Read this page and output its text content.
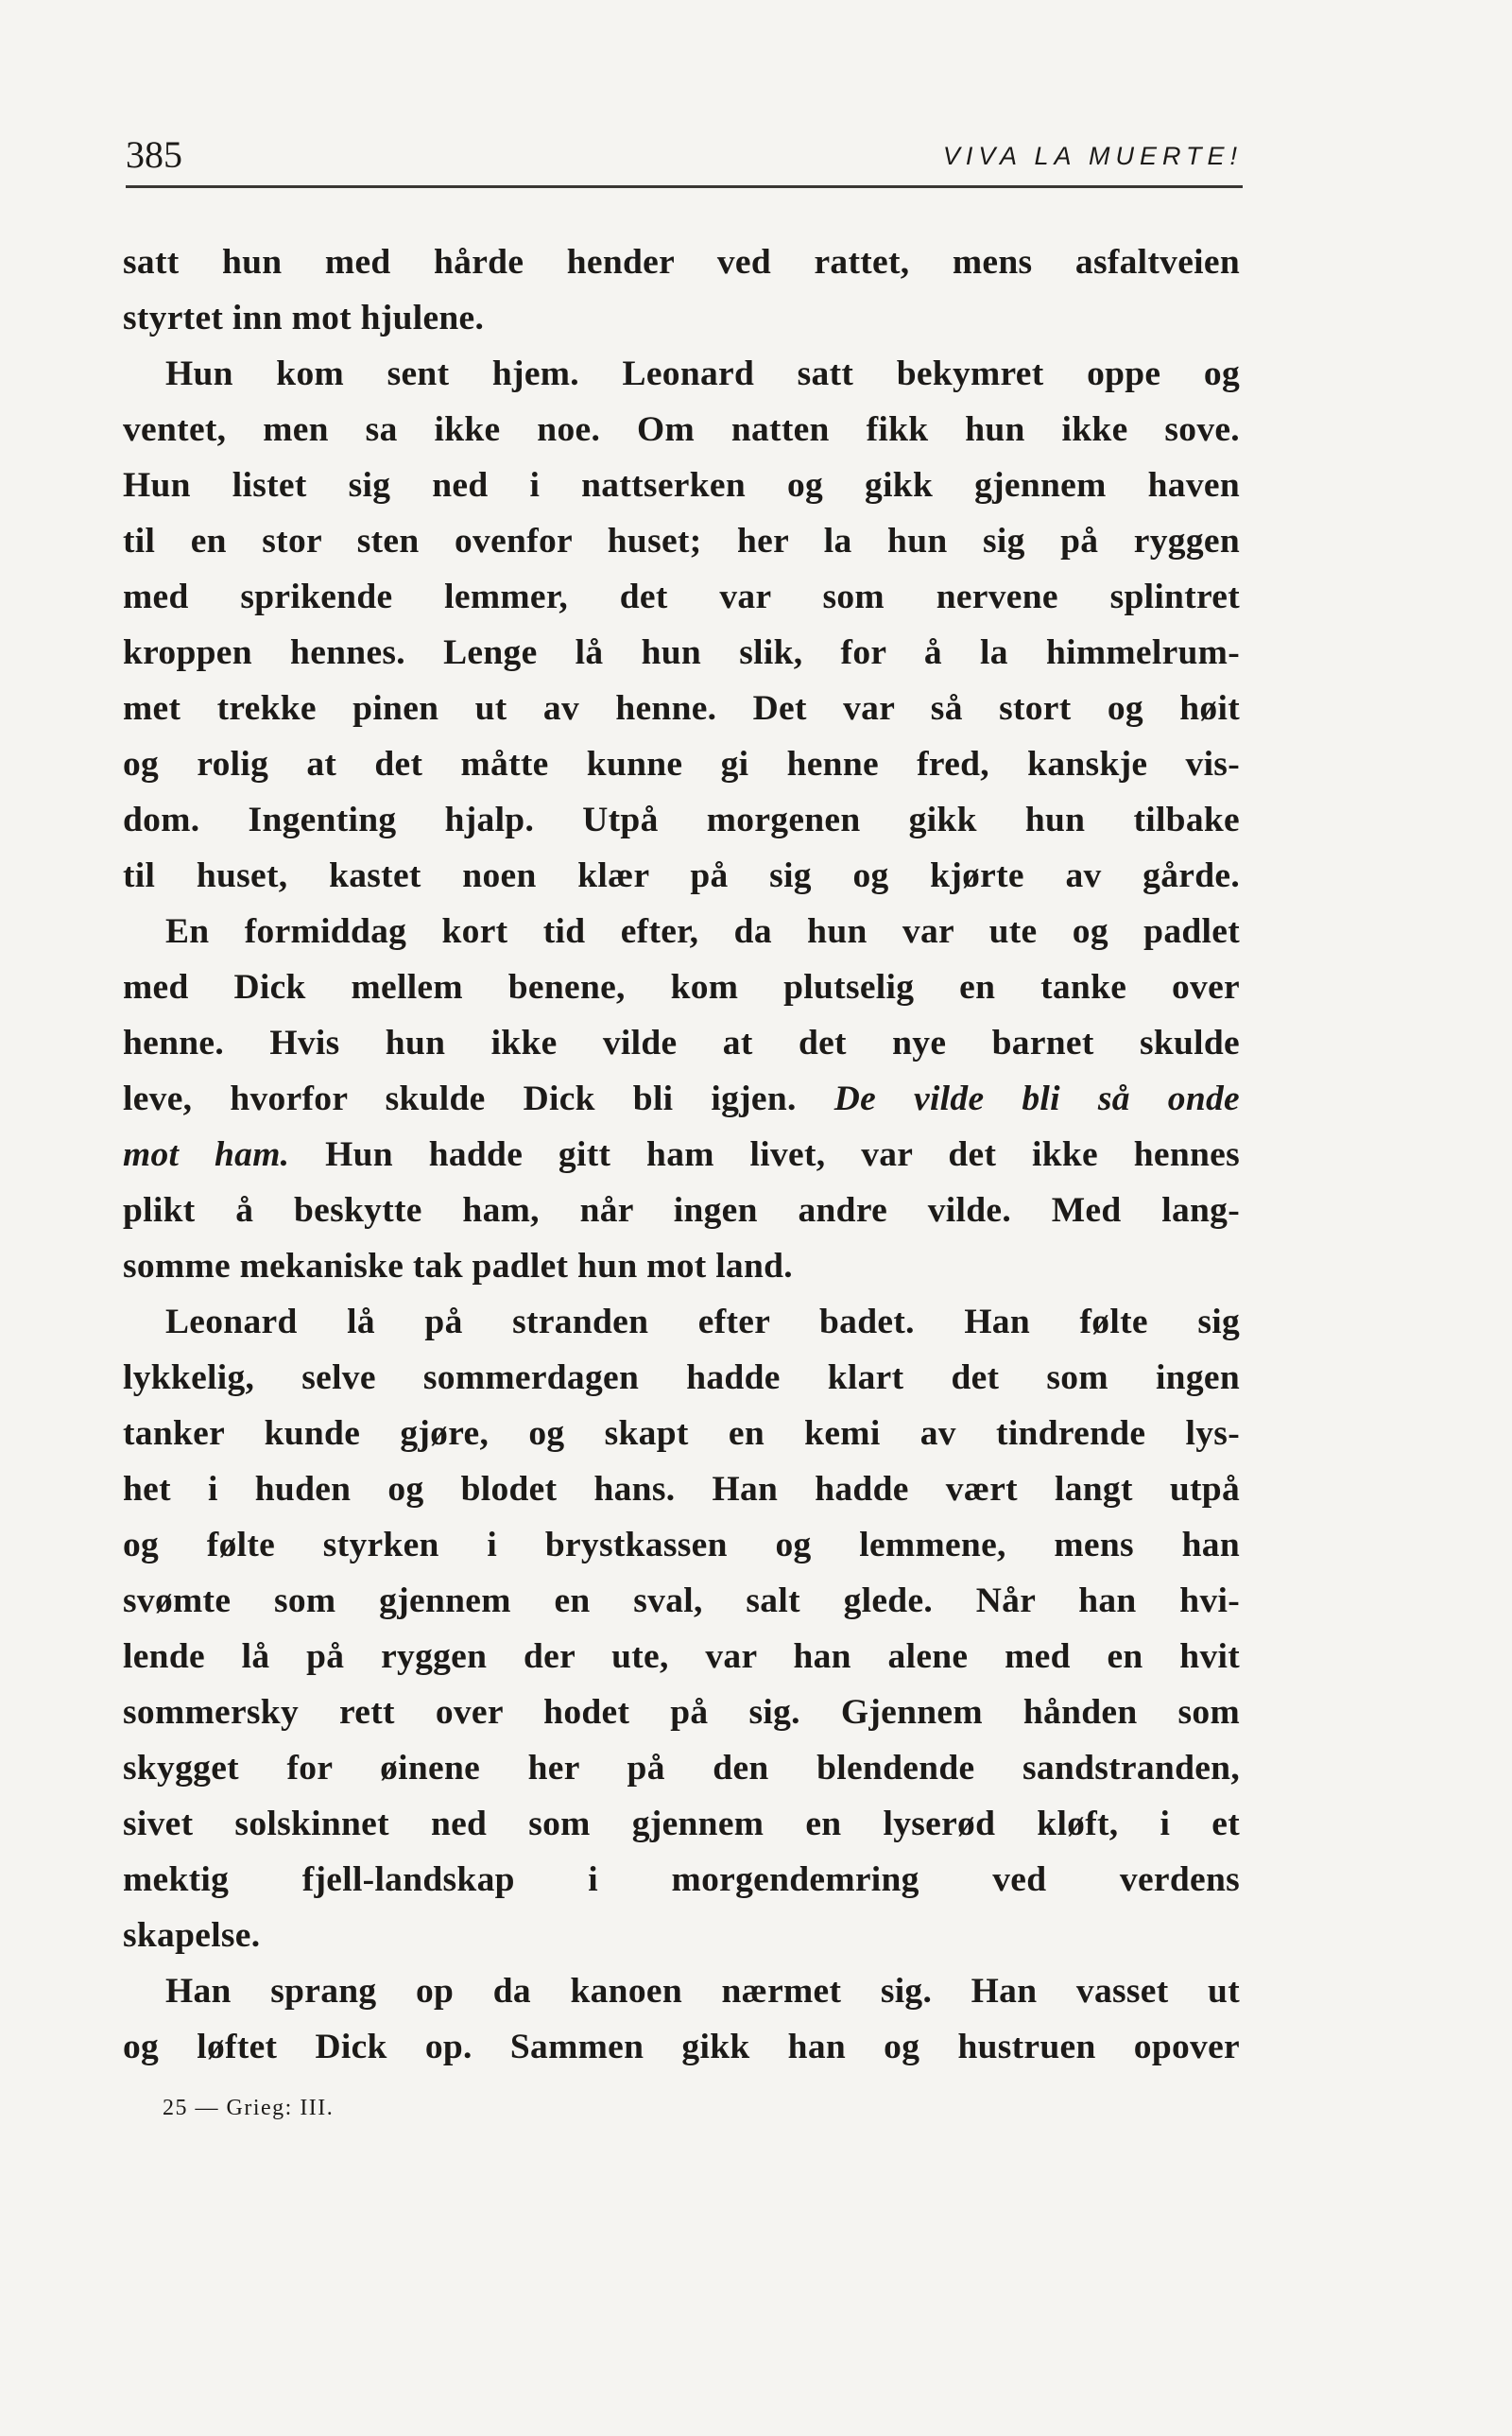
385	VIVA LA MUERTE!
satt hun med hårde hender ved rattet, mens asfaltveien
styrtet inn mot hjulene.
Hun kom sent hjem. Leonard satt bekymret oppe og
ventet, men sa ikke noe. Om natten fikk hun ikke sove.
Hun listet sig ned i nattserken og gikk gjennem haven
til en stor sten ovenfor huset; her la hun sig på ryggen
med sprikende lemmer, det var som nervene splintret
kroppen hennes. Lenge lå hun slik, for å la himmelrum-
met trekke pinen ut av henne. Det var så stort og høit
og rolig at det måtte kunne gi henne fred, kanskje vis-
dom. Ingenting hjalp. Utpå morgenen gikk hun tilbake
til huset, kastet noen klær på sig og kjørte av gårde.
En formiddag kort tid efter, da hun var ute og padlet
med Dick mellem benene, kom plutselig en tanke over
henne. Hvis hun ikke vilde at det nye barnet skulde
leve, hvorfor skulde Dick bli igjen. De vilde bli så onde
mot ham. Hun hadde gitt ham livet, var det ikke hennes
plikt å beskytte ham, når ingen andre vilde. Med lang-
somme mekaniske tak padlet hun mot land.
Leonard lå på stranden efter badet. Han følte sig
lykkelig, selve sommerdagen hadde klart det som ingen
tanker kunde gjøre, og skapt en kemi av tindrende lys-
het i huden og blodet hans. Han hadde vært langt utpå
og følte styrken i brystkassen og lemmene, mens han
svømte som gjennem en sval, salt glede. Når han hvi-
lende lå på ryggen der ute, var han alene med en hvit
sommersky rett over hodet på sig. Gjennem hånden som
skygget for øinene her på den blendende sandstranden,
sivet solskinnet ned som gjennem en lyserød kløft, i et
mektig fjell-landskap i morgendemring ved verdens
skapelse.
Han sprang op da kanoen nærmet sig. Han vasset ut
og løftet Dick op. Sammen gikk han og hustruen opover
25 — Grieg: III.
